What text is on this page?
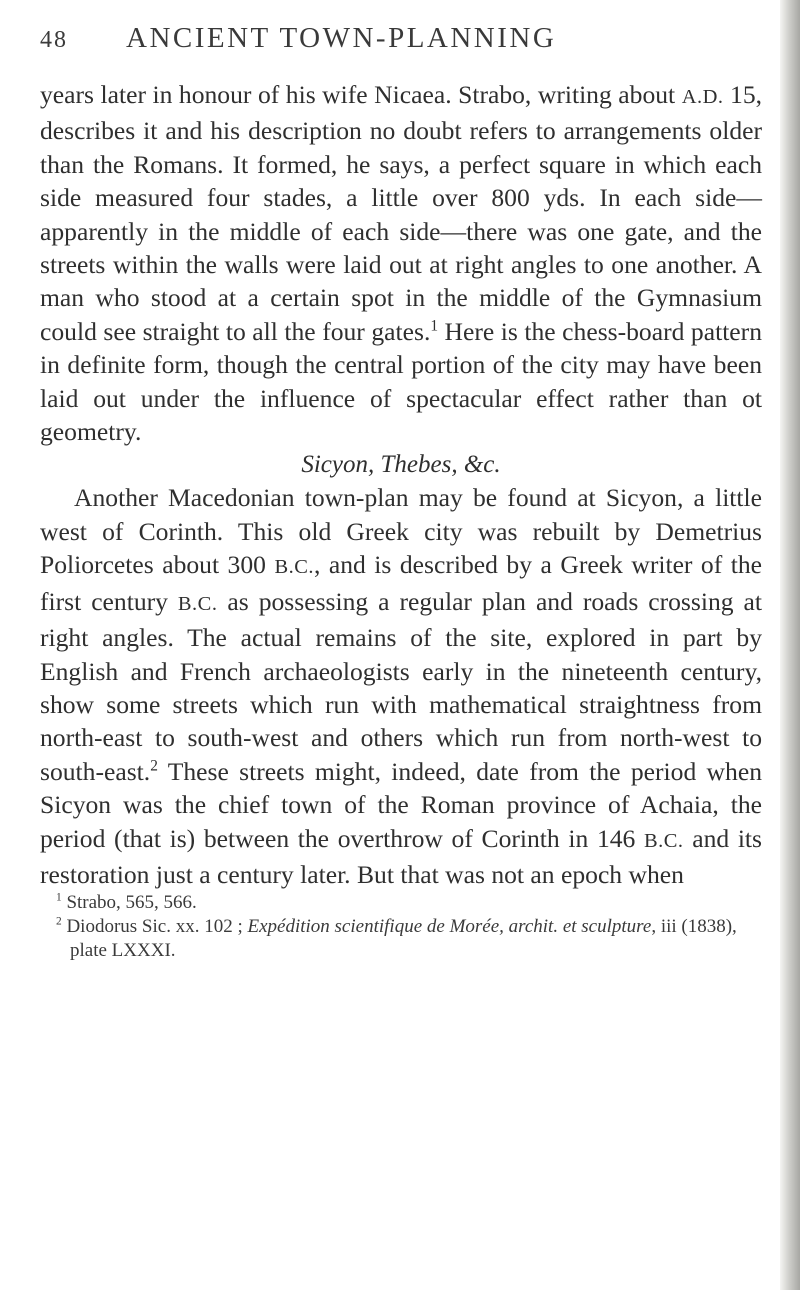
48	ANCIENT TOWN-PLANNING

years later in honour of his wife Nicaea. Strabo, writing about A.D. 15, describes it and his description no doubt refers to arrangements older than the Romans. It formed, he says, a perfect square in which each side measured four stades, a little over 800 yds. In each side—apparently in the middle of each side—there was one gate, and the streets within the walls were laid out at right angles to one another. A man who stood at a certain spot in the middle of the Gymnasium could see straight to all the four gates.$^1$ Here is the chess-board pattern in definite form, though the central portion of the city may have been laid out under the influence of spectacular effect rather than ot geometry.

Sicyon, Thebes, &c.

Another Macedonian town-plan may be found at Sicyon, a little west of Corinth. This old Greek city was rebuilt by Demetrius Poliorcetes about 300 B.C., and is described by a Greek writer of the first century B.C. as possessing a regular plan and roads crossing at right angles. The actual remains of the site, explored in part by English and French archaeologists early in the nineteenth century, show some streets which run with mathematical straightness from north-east to south-west and others which run from north-west to south-east.$^2$ These streets might, indeed, date from the period when Sicyon was the chief town of the Roman province of Achaia, the period (that is) between the overthrow of Corinth in 146 B.C. and its restoration just a century later. But that was not an epoch when

$^1$ Strabo, 565, 566.

$^2$ Diodorus Sic. xx. 102 ; Expédition scientifique de Morée, archit. et sculpture, iii (1838), plate LXXXI.
